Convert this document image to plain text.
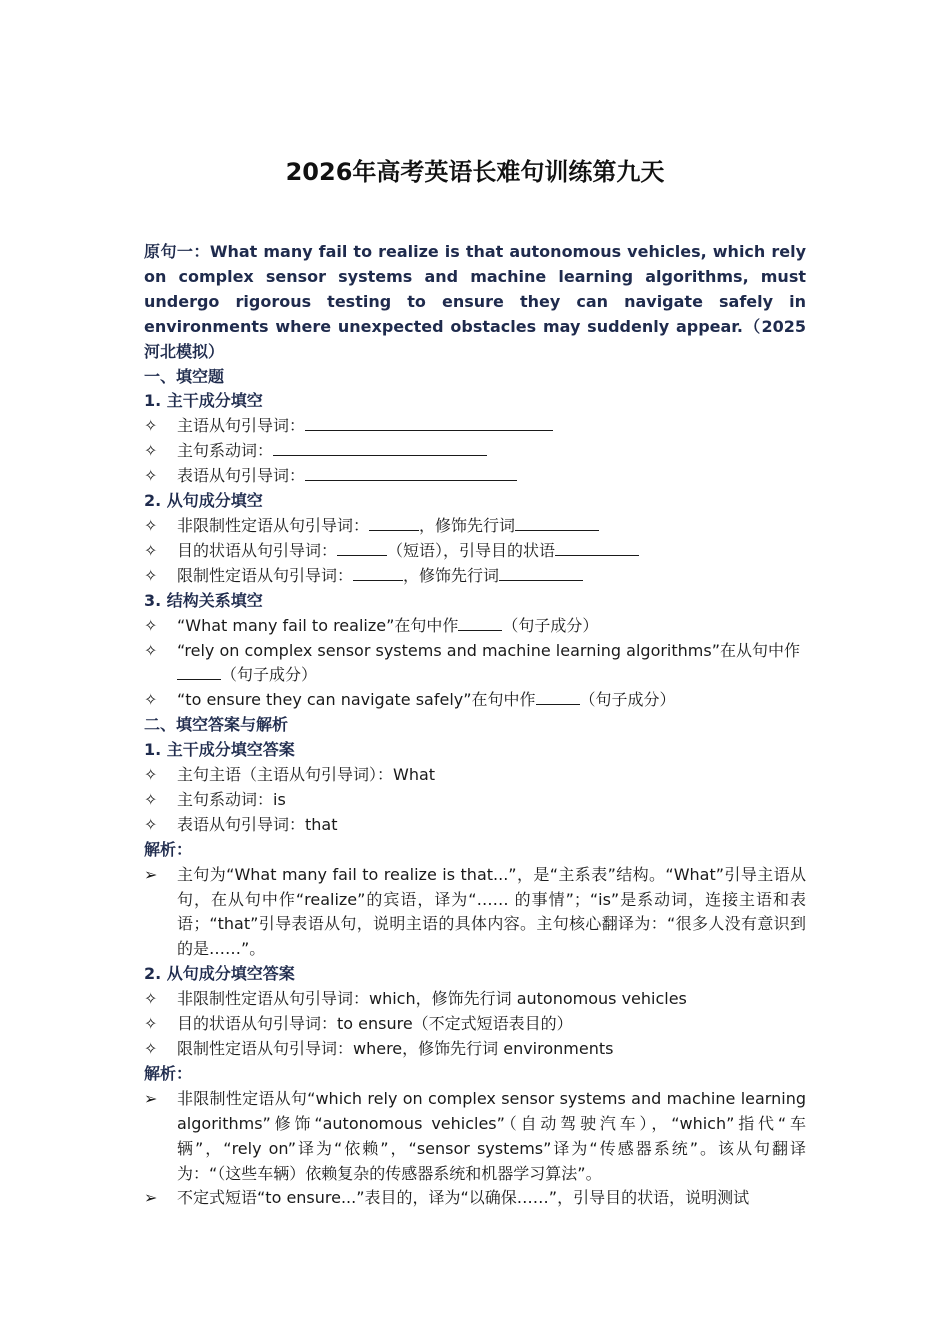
2026年高考英语长难句训练第九天
原句一：What many fail to realize is that autonomous vehicles, which rely on complex sensor systems and machine learning algorithms, must undergo rigorous testing to ensure they can navigate safely in environments where unexpected obstacles may suddenly appear.（2025河北模拟）
一、填空题
1. 主干成分填空
✧	主语从句引导词：
✧	主句系动词：
✧	表语从句引导词：
2. 从句成分填空
✧	非限制性定语从句引导词：	，修饰先行词
✧	目的状语从句引导词：	（短语），引导目的状语
✧	限制性定语从句引导词：	，修饰先行词
3. 结构关系填空
✧	“What many fail to realize”在句中作	（句子成分）
✧	“rely on complex sensor systems and machine learning algorithms”在从句中作（句子成分）
✧	“to ensure they can navigate safely”在句中作	（句子成分）
二、填空答案与解析
1. 主干成分填空答案
✧	主句主语（主语从句引导词）：What
✧	主句系动词：is
✧	表语从句引导词：that
解析：
➢	主句为“What many fail to realize is that...”，是“主系表”结构。“What”引导主语从句，在从句中作“realize”的宾语，译为“…… 的事情”；“is”是系动词，连接主语和表语；“that”引导表语从句，说明主语的具体内容。主句核心翻译为：“很多人没有意识到的是……”。
2. 从句成分填空答案
✧	非限制性定语从句引导词：which，修饰先行词 autonomous vehicles
✧	目的状语从句引导词：to ensure（不定式短语表目的）
✧	限制性定语从句引导词：where，修饰先行词 environments
解析：
➢	非限制性定语从句“which rely on complex sensor systems and machine learning algorithms”修饰“autonomous vehicles”（自动驾驶汽车），“which”指代“车辆”，“rely on”译为“依赖”，“sensor systems”译为“传感器系统”。该从句翻译为：“（这些车辆）依赖复杂的传感器系统和机器学习算法”。
➢	不定式短语“to ensure...”表目的，译为“以确保……”，引导目的状语，说明测试
